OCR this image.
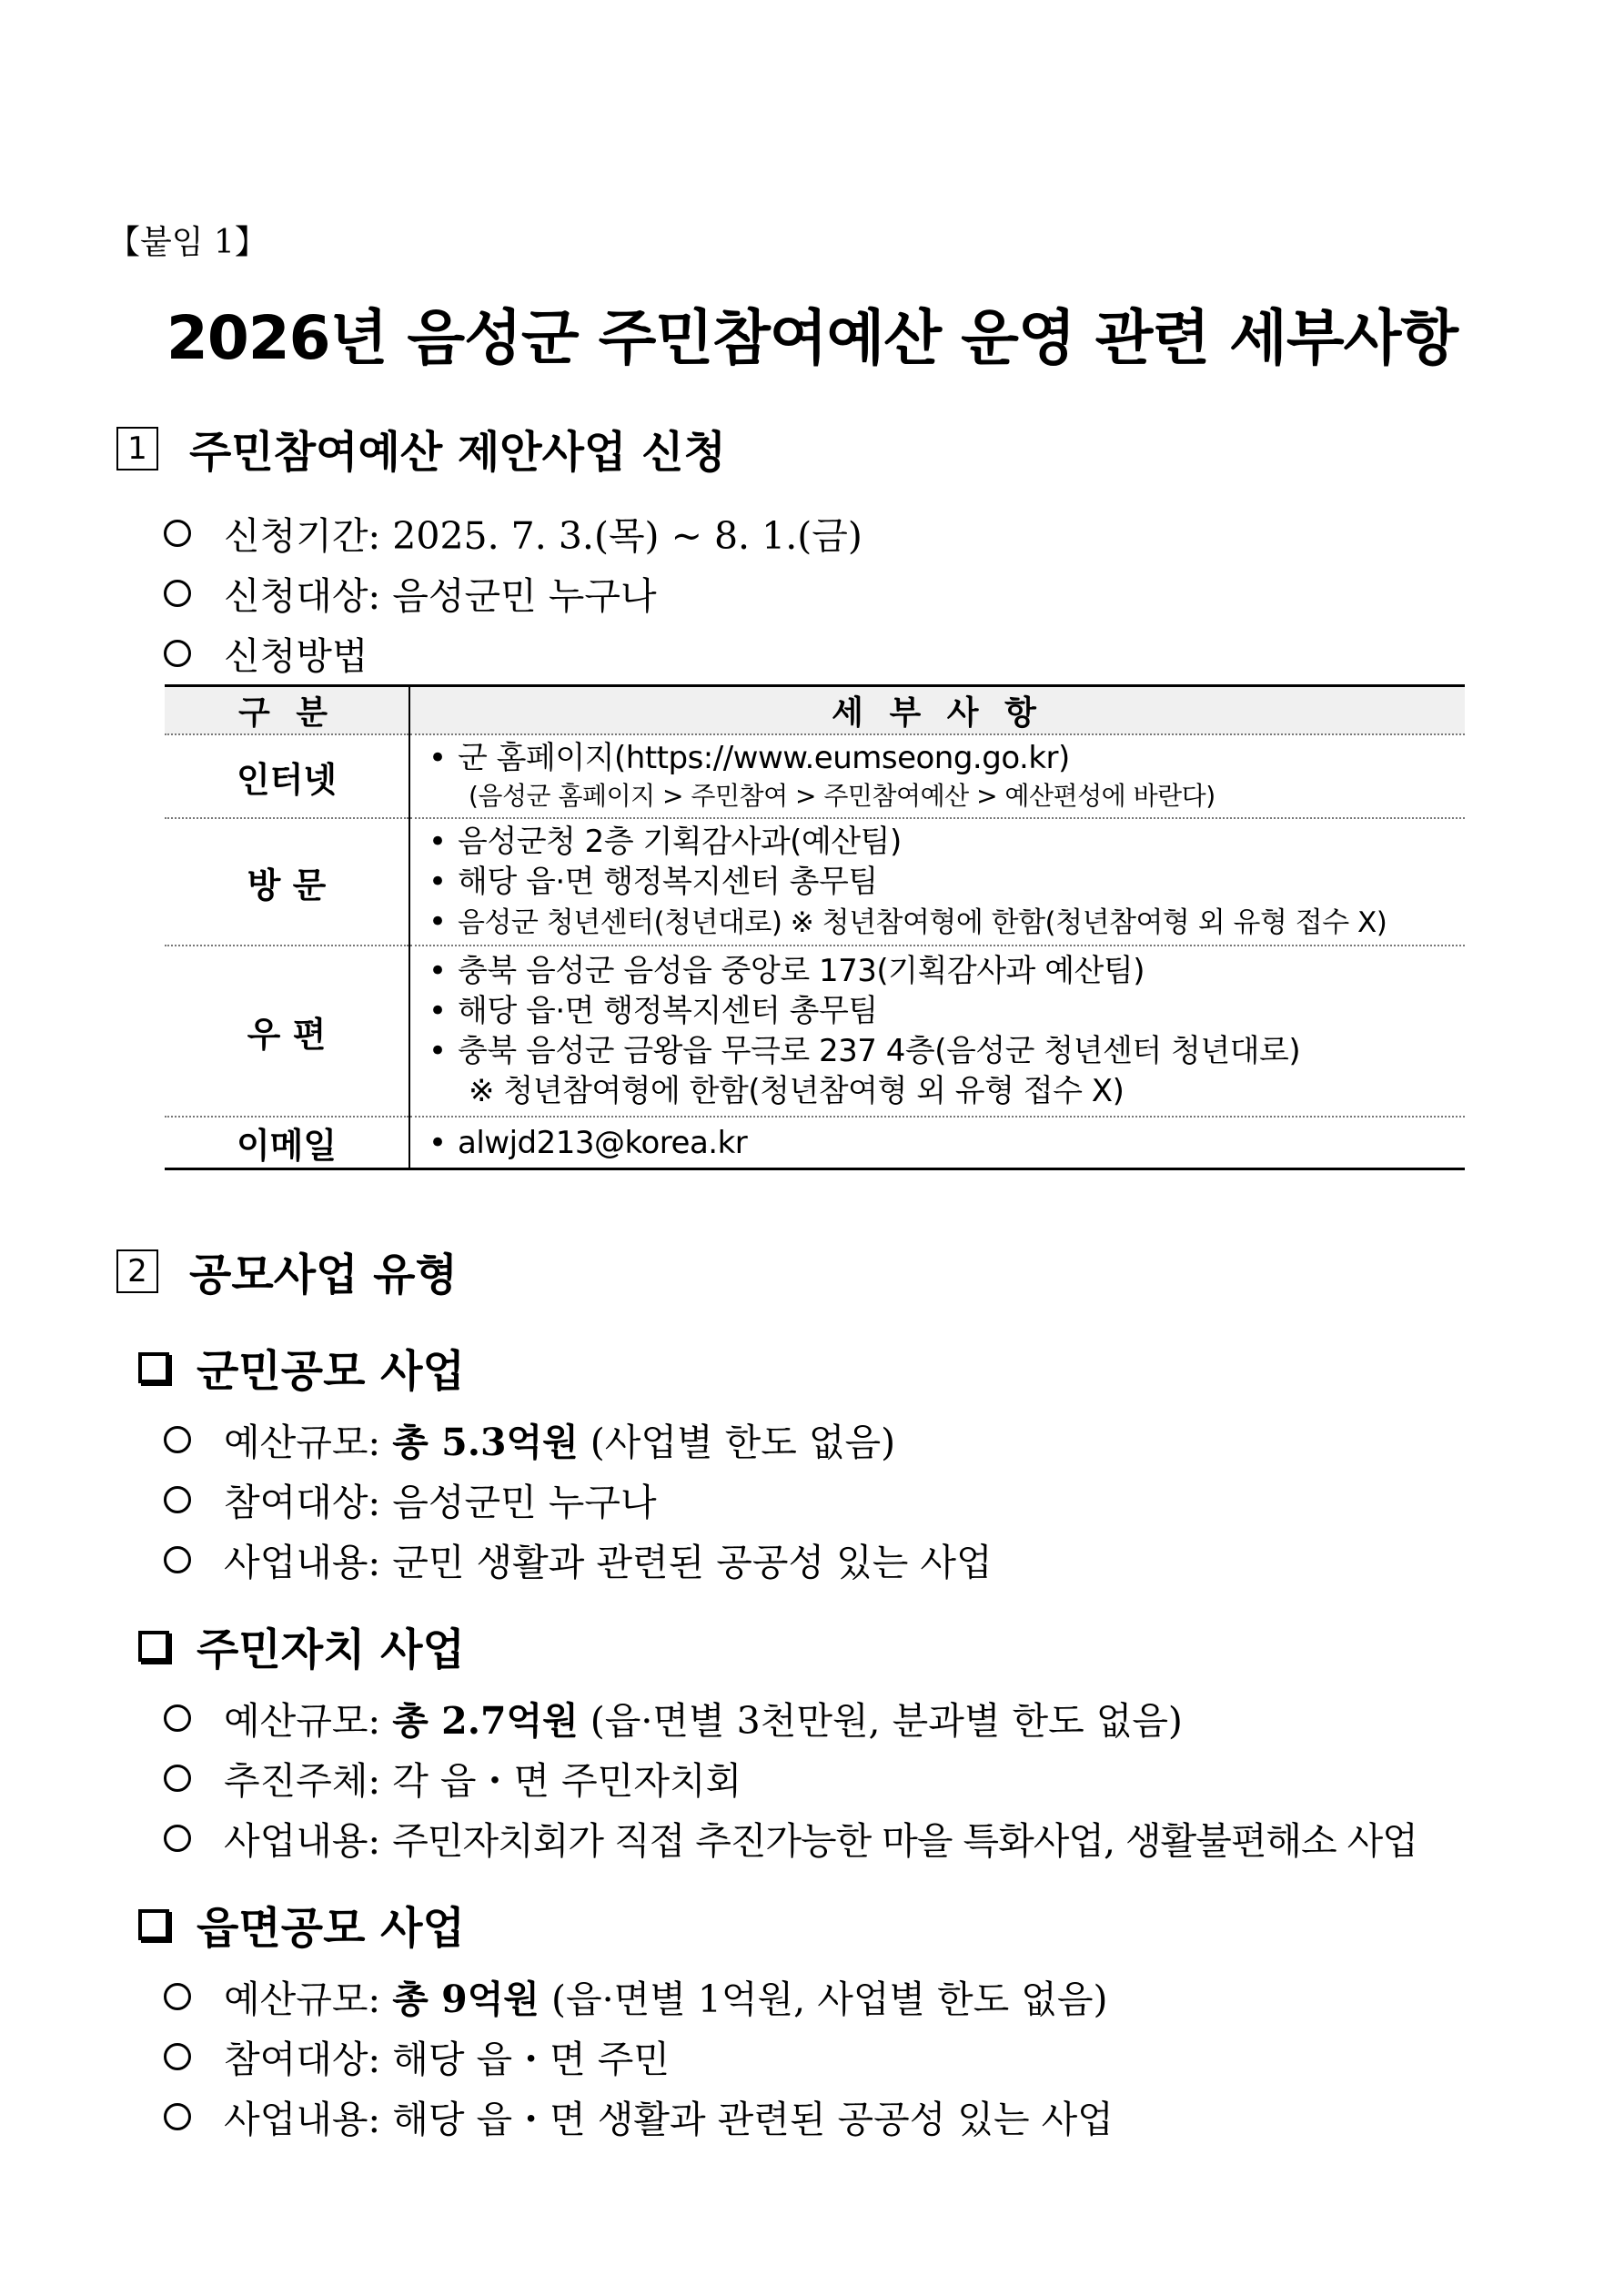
【붙임 1】
2026년 음성군 주민참여예산 운영 관련 세부사항
1 주민참여예산 제안사업 신청
신청기간: 2025. 7. 3.(목) ~ 8. 1.(금)
신청대상: 음성군민 누구나
신청방법
구 분	세 부 사 항
인터넷	• 군 홈페이지(https://www.eumseong.go.kr)
(음성군 홈페이지 > 주민참여 > 주민참여예산 > 예산편성에 바란다)

방 문	• 음성군청 2층 기획감사과(예산팀)
• 해당 읍·면 행정복지센터 총무팀
• 음성군 청년센터(청년대로) ※ 청년참여형에 한함(청년참여형 외 유형 접수 X)

우 편	• 충북 음성군 음성읍 중앙로 173(기획감사과 예산팀)
• 해당 읍·면 행정복지센터 총무팀
• 충북 음성군 금왕읍 무극로 237 4층(음성군 청년센터 청년대로)
※ 청년참여형에 한함(청년참여형 외 유형 접수 X)

이메일	• alwjd213@korea.kr
2 공모사업 유형
군민공모 사업
예산규모:
총 5.3억원
(사업별 한도 없음)
참여대상:
음성군민 누구나
사업내용:
군민 생활과 관련된 공공성 있는 사업
주민자치 사업
예산규모:
총 2.7억원
(읍·면별 3천만원, 분과별 한도 없음)
추진주체:
각 읍・면 주민자치회
사업내용:
주민자치회가 직접 추진가능한 마을 특화사업, 생활불편해소 사업
읍면공모 사업
예산규모:
총 9억원
(읍·면별 1억원, 사업별 한도 없음)
참여대상:
해당 읍・면 주민
사업내용:
해당 읍・면 생활과 관련된 공공성 있는 사업
